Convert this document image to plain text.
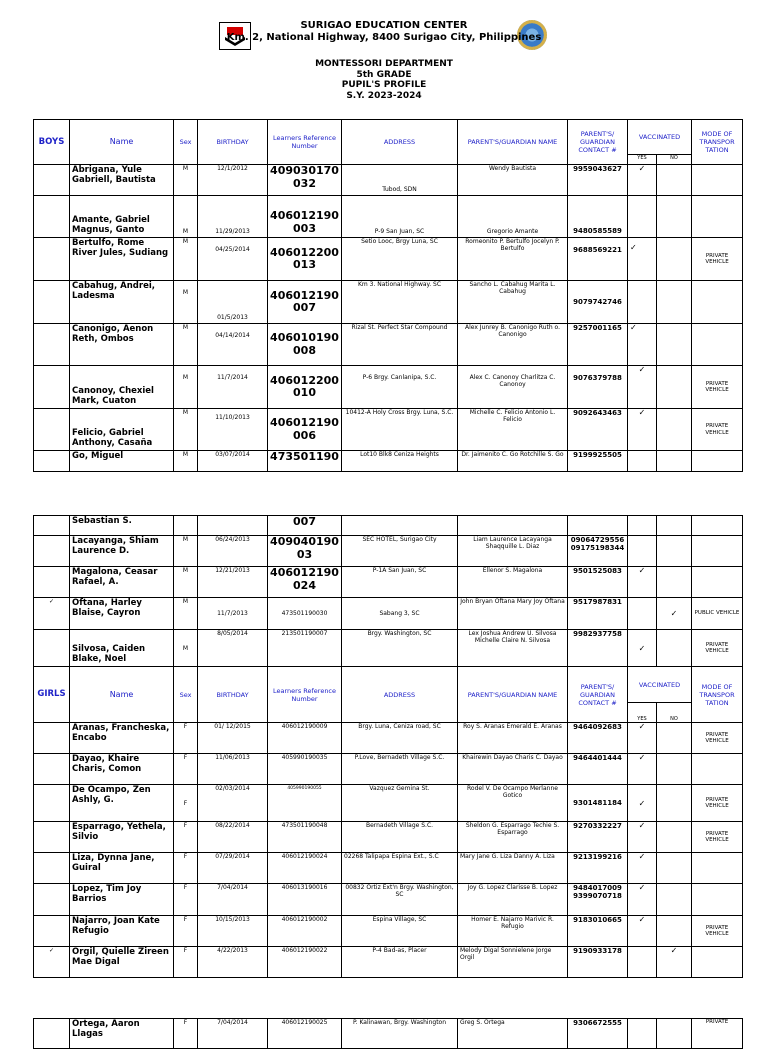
SURIGAO EDUCATION CENTER
Km. 2, National Highway, 8400 Surigao City, Philippines
MONTESSORI DEPARTMENT
5th GRADE
PUPIL'S PROFILE
S.Y. 2023-2024
BOYS	Name	Sex	BIRTHDAY	Learners Reference Number	ADDRESS	PARENT'S/GUARDIAN NAME	PARENT'S/ GUARDIAN CONTACT #	VACCINATED		MODE OF TRANSPOR TATION
								YES	NO	
	Abrigana, Yule Gabriell, Bautista	M	12/1/2012	409030170 032	Tubod, SDN	Wendy Bautista	9959043627	✓		
	Amante, Gabriel Magnus, Ganto	M	11/29/2013	406012190 003	P-9 San Juan, SC	Gregorio Amante	9480585589			
	Bertulfo, Rome River Jules, Sudiang	M	04/25/2014	406012200 013	Setio Looc, Brgy Luna, SC	Romeonito P. Bertulfo Jocelyn P. Bertulfo	9688569221	✓		PRIVATE VEHICLE
	Cabahug, Andrei, Ladesma	M	01/5/2013	406012190 007	Km 3. National Highway. SC	Sancho L. Cabahug Marita L. Cabahug	9079742746			
	Canonigo, Aenon Reth, Ombos	M	04/14/2014	406010190 008	Rizal St. Perfect Star Compound	Alex Junrey B. Canonigo Ruth o. Canonigo	9257001165	✓		
	Canonoy, Chexiel Mark, Cuaton	M	11/7/2014	406012200 010	P-6 Brgy. Canlanipa, S.C.	Alex C. Canonoy Charlitza C. Canonoy	9076379788	✓		PRIVATE VEHICLE
	Felicio, Gabriel Anthony, Casaña	M	11/10/2013	406012190 006	10412-A Holy Cross Brgy. Luna, S.C.	Michelle C. Felicio Antonio L. Felicio	9092643463	✓		PRIVATE VEHICLE
	Go, Miguel	M	03/07/2014	473501190	Lot10 Blk8 Ceniza Heights	Dr. Jaimenito C. Go Rotchille S. Go	9199925505			
	Sebastian S.			007						
	Lacayanga, Shiam Laurence D.	M	06/24/2013	409040190 03	SEC HOTEL, Surigao City	Liam Laurence Lacayanga Shaqquille L. Diaz	09064729556 09175198344			
	Magalona, Ceasar Rafael, A.	M	12/21/2013	406012190 024	P-1A San Juan, SC	Ellenor S. Magalona	9501525083	✓		
✓	Oftana, Harley Blaise, Cayron	M	11/7/2013	473501190030	Sabang 3, SC	John Bryan Oftana Mary Joy Oftana	9517987831		✓	PUBLIC VEHICLE
	Silvosa, Caiden Blake, Noel	M	8/05/2014	213501190007	Brgy. Washington, SC	Lex Joshua Andrew U. Silvosa Michelle Claire N. Silvosa	9982937758	✓		PRIVATE VEHICLE
GIRLS	Name	Sex	BIRTHDAY	Learners Reference Number	ADDRESS	PARENT'S/GUARDIAN NAME	PARENT'S/ GUARDIAN CONTACT #	VACCINATED		MODE OF TRANSPOR TATION
								YES	NO	
	Aranas, Francheska, Encabo	F	01/ 12/2015	406012190009	Brgy. Luna, Ceniza road, SC	Roy S. Aranas Emerald E. Aranas	9464092683	✓		PRIVATE VEHICLE
	Dayao, Khaire Charis, Comon	F	11/06/2013	405990190035	P.Love, Bernadeth Village S.C.	Khairewin Dayao Charis C. Dayao	9464401444	✓		
	De Ocampo, Zen Ashly, G.	F	02/03/2014	405990190055	Vazquez Gemina St.	Rodel V. De Ocampo Merlanne Gotico	9301481184	✓		PRIVATE VEHICLE
	Esparrago, Yethela, Silvio	F	08/22/2014	473501190048	Bernadeth Village S.C.	Sheldon G. Esparrago Techie S. Esparrago	9270332227	✓		PRIVATE VEHICLE
	Liza, Dynna Jane, Guiral	F	07/29/2014	406012190024	02268 Talipapa Espina Ext., S.C	Mary Jane G. Liza Danny A. Liza	9213199216	✓		
	Lopez, Tim Joy Barrios	F	7/04/2014	406013190016	00832 Ortiz Ext'n Brgy. Washington, SC	Joy G. Lopez Clarisse B. Lopez	9484017009 9399070718	✓		
	Najarro, Joan Kate Refugio	F	10/15/2013	406012190002	Espina Village, SC	Homer E. Najarro Marivic R. Refugio	9183010665	✓		PRIVATE VEHICLE
✓	Orgil, Quielle Zireen Mae Digal	F	4/22/2013	406012190022	P-4 Bad-as, Placer	Melody Digal Sonnielene Jorge Orgil	9190933178		✓	
	Ortega, Aaron Llagas	F	7/04/2014	406012190025	P. Kalinawan, Brgy. Washington	Greg S. Ortega	9306672555			PRIVATE
